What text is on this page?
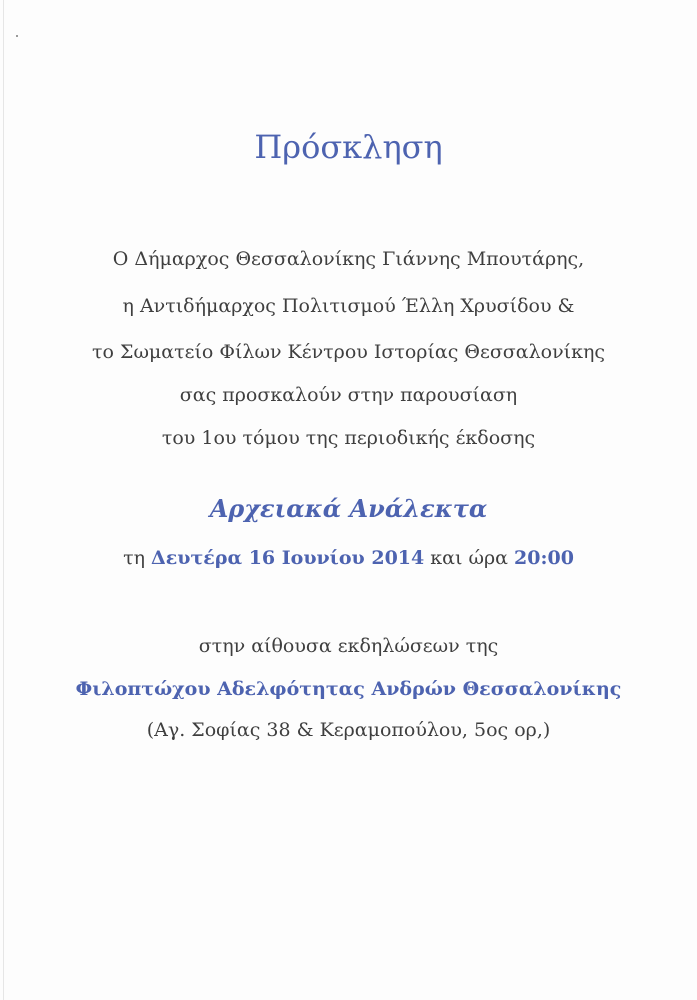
Πρόσκληση
Ο Δήμαρχος Θεσσαλονίκης Γιάννης Μπουτάρης,
η Αντιδήμαρχος Πολιτισμού Έλλη Χρυσίδου &
το Σωματείο Φίλων Κέντρου Ιστορίας Θεσσαλονίκης
σας προσκαλούν στην παρουσίαση
του 1ου τόμου της περιοδικής έκδοσης
Αρχειακά Ανάλεκτα
τη Δευτέρα 16 Ιουνίου 2014 και ώρα 20:00
στην αίθουσα εκδηλώσεων της
Φιλοπτώχου Αδελφότητας Ανδρών Θεσσαλονίκης
(Αγ. Σοφίας 38 & Κεραμοπούλου, 5ος ορ,)
